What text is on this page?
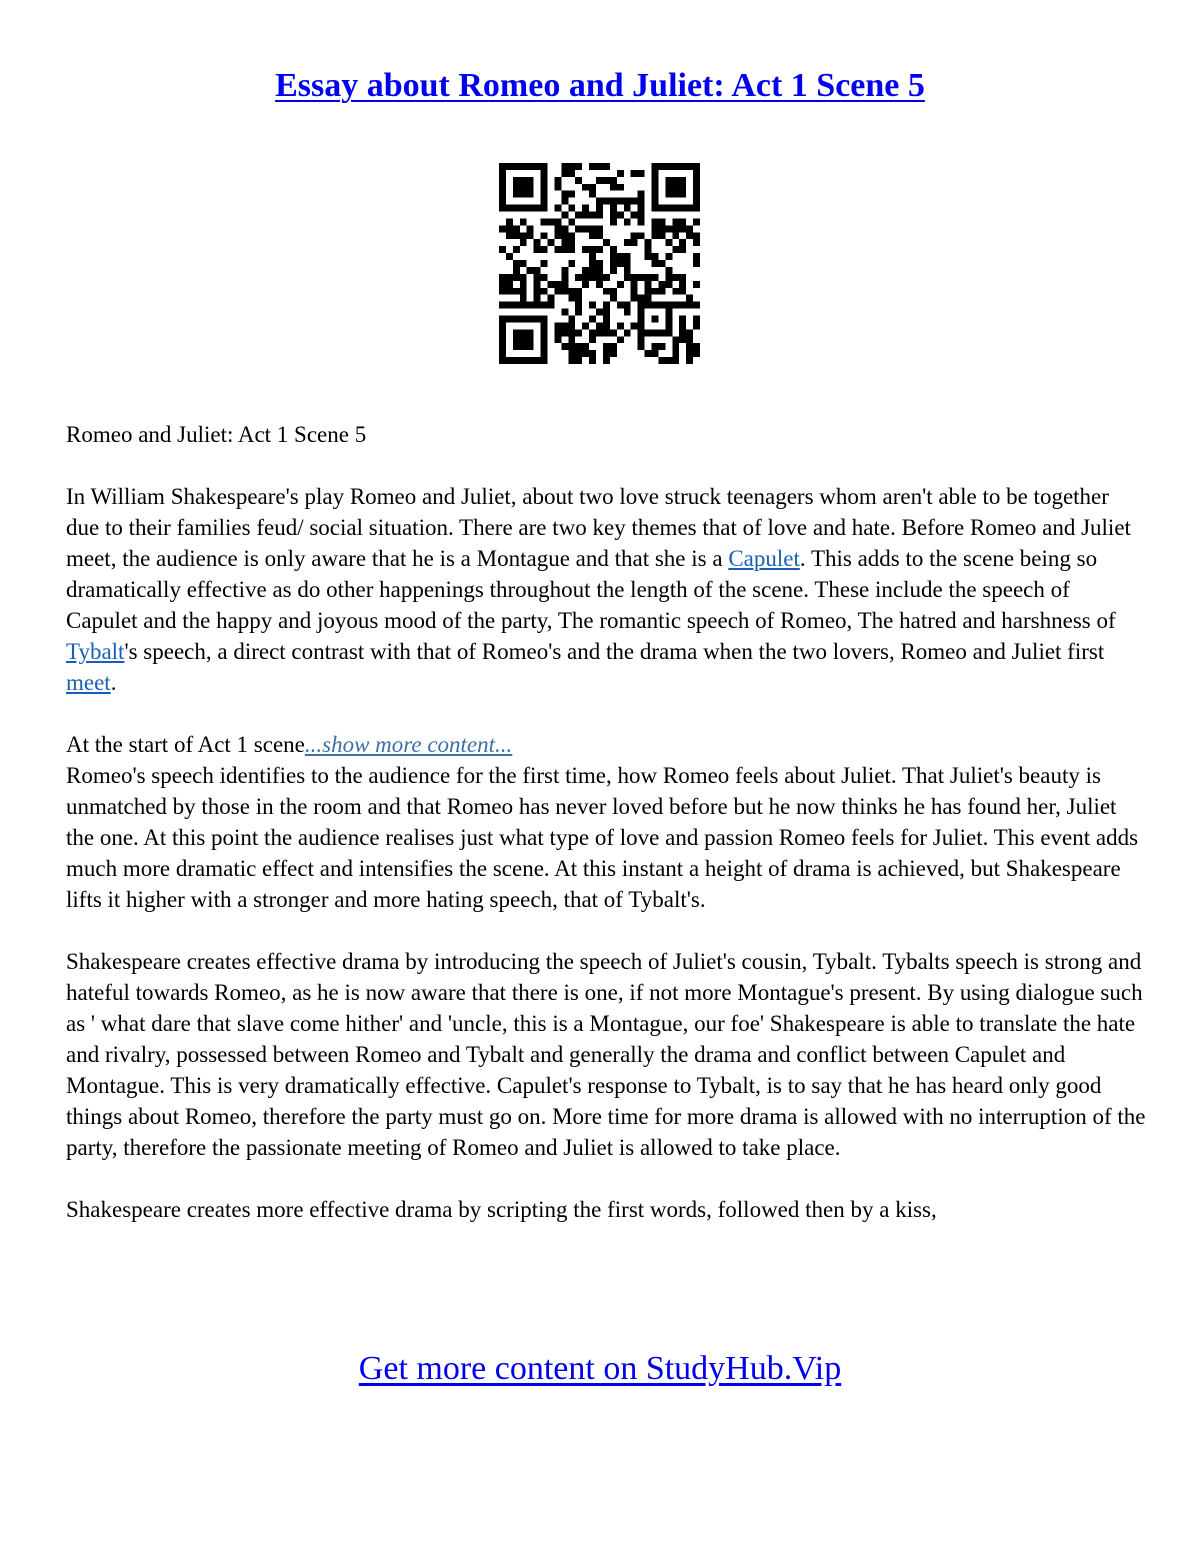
Essay about Romeo and Juliet: Act 1 Scene 5

Romeo and Juliet: Act 1 Scene 5

In William Shakespeare's play Romeo and Juliet, about two love struck teenagers whom aren't able to be together due to their families feud/ social situation. There are two key themes that of love and hate. Before Romeo and Juliet meet, the audience is only aware that he is a Montague and that she is a Capulet. This adds to the scene being so dramatically effective as do other happenings throughout the length of the scene. These include the speech of Capulet and the happy and joyous mood of the party, The romantic speech of Romeo, The hatred and harshness of Tybalt's speech, a direct contrast with that of Romeo's and the drama when the two lovers, Romeo and Juliet first meet.

At the start of Act 1 scene...show more content...

Romeo's speech identifies to the audience for the first time, how Romeo feels about Juliet. That Juliet's beauty is unmatched by those in the room and that Romeo has never loved before but he now thinks he has found her, Juliet the one. At this point the audience realises just what type of love and passion Romeo feels for Juliet. This event adds much more dramatic effect and intensifies the scene. At this instant a height of drama is achieved, but Shakespeare lifts it higher with a stronger and more hating speech, that of Tybalt's.

Shakespeare creates effective drama by introducing the speech of Juliet's cousin, Tybalt. Tybalts speech is strong and hateful towards Romeo, as he is now aware that there is one, if not more Montague's present. By using dialogue such as ' what dare that slave come hither' and 'uncle, this is a Montague, our foe' Shakespeare is able to translate the hate and rivalry, possessed between Romeo and Tybalt and generally the drama and conflict between Capulet and Montague. This is very dramatically effective. Capulet's response to Tybalt, is to say that he has heard only good things about Romeo, therefore the party must go on. More time for more drama is allowed with no interruption of the party, therefore the passionate meeting of Romeo and Juliet is allowed to take place.

Shakespeare creates more effective drama by scripting the first words, followed then by a kiss,

Get more content on StudyHub.Vip
